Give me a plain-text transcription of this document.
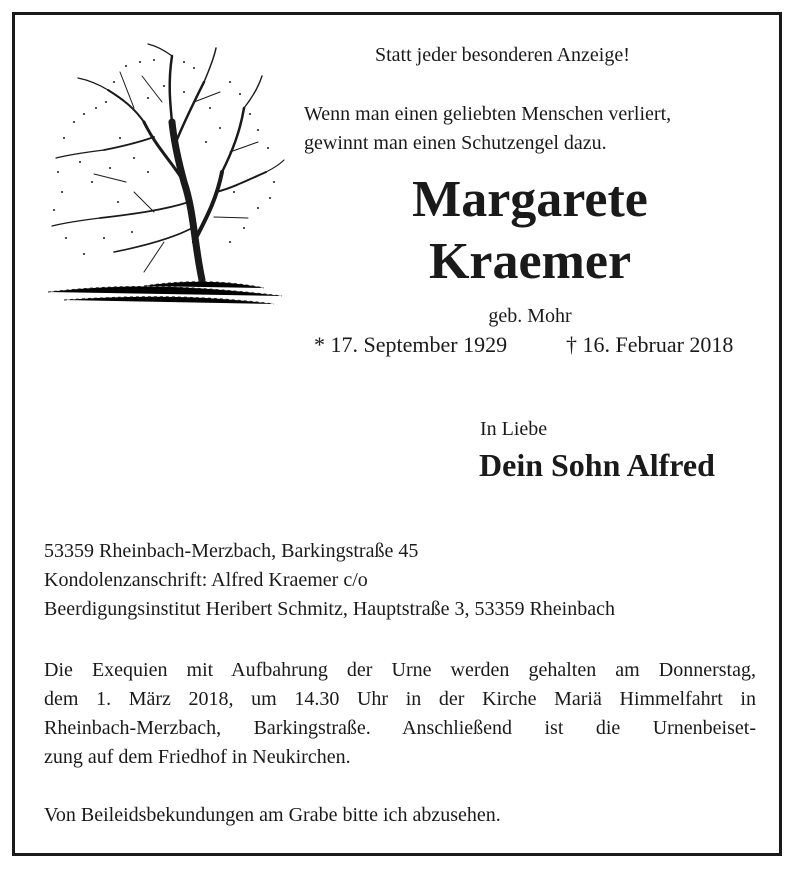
Statt jeder besonderen Anzeige!

Wenn man einen geliebten Menschen verliert,

gewinnt man einen Schutzengel dazu.

Margarete

Kraemer

geb. Mohr

* 17. September 1929	† 16. Februar 2018

In Liebe

Dein Sohn Alfred

53359 Rheinbach-Merzbach, Barkingstraße 45

Kondolenzanschrift: Alfred Kraemer c/o

Beerdigungsinstitut Heribert Schmitz, Hauptstraße 3, 53359 Rheinbach

Die Exequien mit Aufbahrung der Urne werden gehalten am Donnerstag,
dem 1. März 2018, um 14.30 Uhr in der Kirche Mariä Himmelfahrt in
Rheinbach-Merzbach, Barkingstraße. Anschließend ist die Urnenbeiset-
zung auf dem Friedhof in Neukirchen.

Von Beileidsbekundungen am Grabe bitte ich abzusehen.
